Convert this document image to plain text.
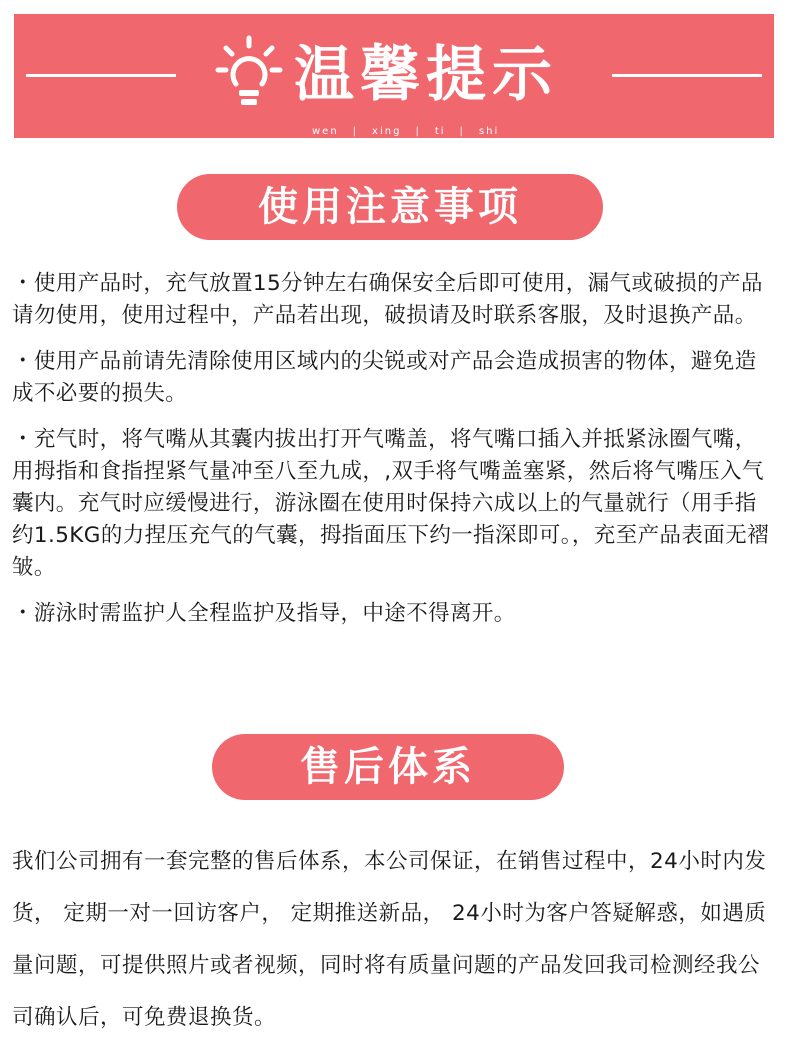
温馨提示
wen | xing | ti | shi
使用注意事项

・使用产品时，充气放置15分钟左右确保安全后即可使用，漏气或破损的产品请勿使用，使用过程中，产品若出现，破损请及时联系客服，及时退换产品。

・使用产品前请先清除使用区域内的尖锐或对产品会造成损害的物体，避免造成不必要的损失。

・充气时，将气嘴从其囊内拔出打开气嘴盖，将气嘴口插入并抵紧泳圈气嘴，用拇指和食指捏紧气量冲至八至九成，,双手将气嘴盖塞紧，然后将气嘴压入气囊内。充气时应缓慢进行，游泳圈在使用时保持六成以上的气量就行（用手指约1.5KG的力捏压充气的气囊，拇指面压下约一指深即可。，充至产品表面无褶皱。

・游泳时需监护人全程监护及指导，中途不得离开。

售后体系
我们公司拥有一套完整的售后体系，本公司保证，在销售过程中，24小时内发货， 定期一对一回访客户， 定期推送新品， 24小时为客户答疑解惑，如遇质量问题，可提供照片或者视频，同时将有质量问题的产品发回我司检测经我公司确认后，可免费退换货。
